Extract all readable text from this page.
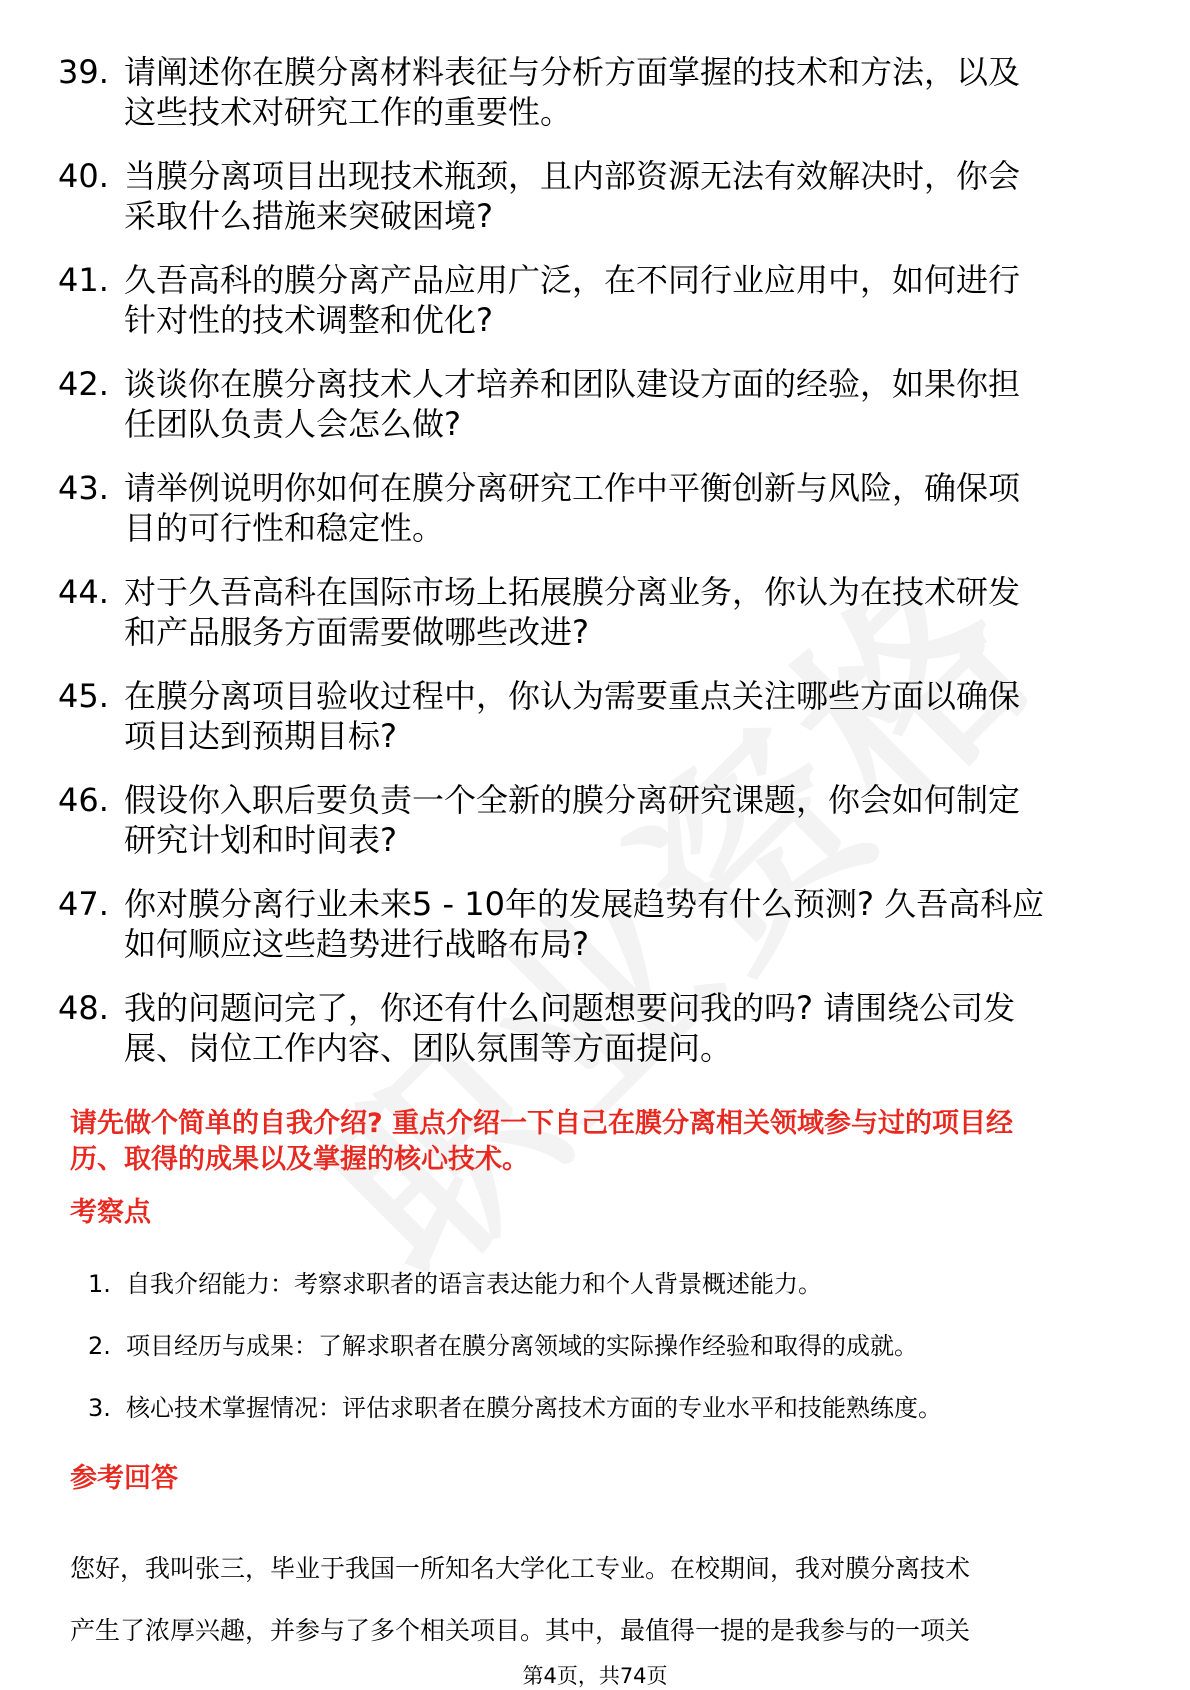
39. 请阐述你在膜分离材料表征与分析方面掌握的技术和方法，以及
这些技术对研究工作的重要性。
40. 当膜分离项目出现技术瓶颈，且内部资源无法有效解决时，你会
采取什么措施来突破困境?
41. 久吾高科的膜分离产品应用广泛，在不同行业应用中，如何进行
针对性的技术调整和优化?
42. 谈谈你在膜分离技术人才培养和团队建设方面的经验，如果你担
任团队负责人会怎么做?
43. 请举例说明你如何在膜分离研究工作中平衡创新与风险，确保项
目的可行性和稳定性。
44. 对于久吾高科在国际市场上拓展膜分离业务，你认为在技术研发
和产品服务方面需要做哪些改进?
45. 在膜分离项目验收过程中，你认为需要重点关注哪些方面以确保
项目达到预期目标?
46. 假设你入职后要负责一个全新的膜分离研究课题，你会如何制定
研究计划和时间表?
47. 你对膜分离行业未来5 - 10年的发展趋势有什么预测? 久吾高科应
如何顺应这些趋势进行战略布局?
48. 我的问题问完了，你还有什么问题想要问我的吗? 请围绕公司发
展、岗位工作内容、团队氛围等方面提问。
请先做个简单的自我介绍? 重点介绍一下自己在膜分离相关领域参与过的项目经
历、取得的成果以及掌握的核心技术。
考察点
1. 自我介绍能力：考察求职者的语言表达能力和个人背景概述能力。
2. 项目经历与成果：了解求职者在膜分离领域的实际操作经验和取得的成就。
3. 核心技术掌握情况：评估求职者在膜分离技术方面的专业水平和技能熟练度。
参考回答
您好，我叫张三，毕业于我国一所知名大学化工专业。在校期间，我对膜分离技术
产生了浓厚兴趣，并参与了多个相关项目。其中，最值得一提的是我参与的一项关
第4页，共74页
